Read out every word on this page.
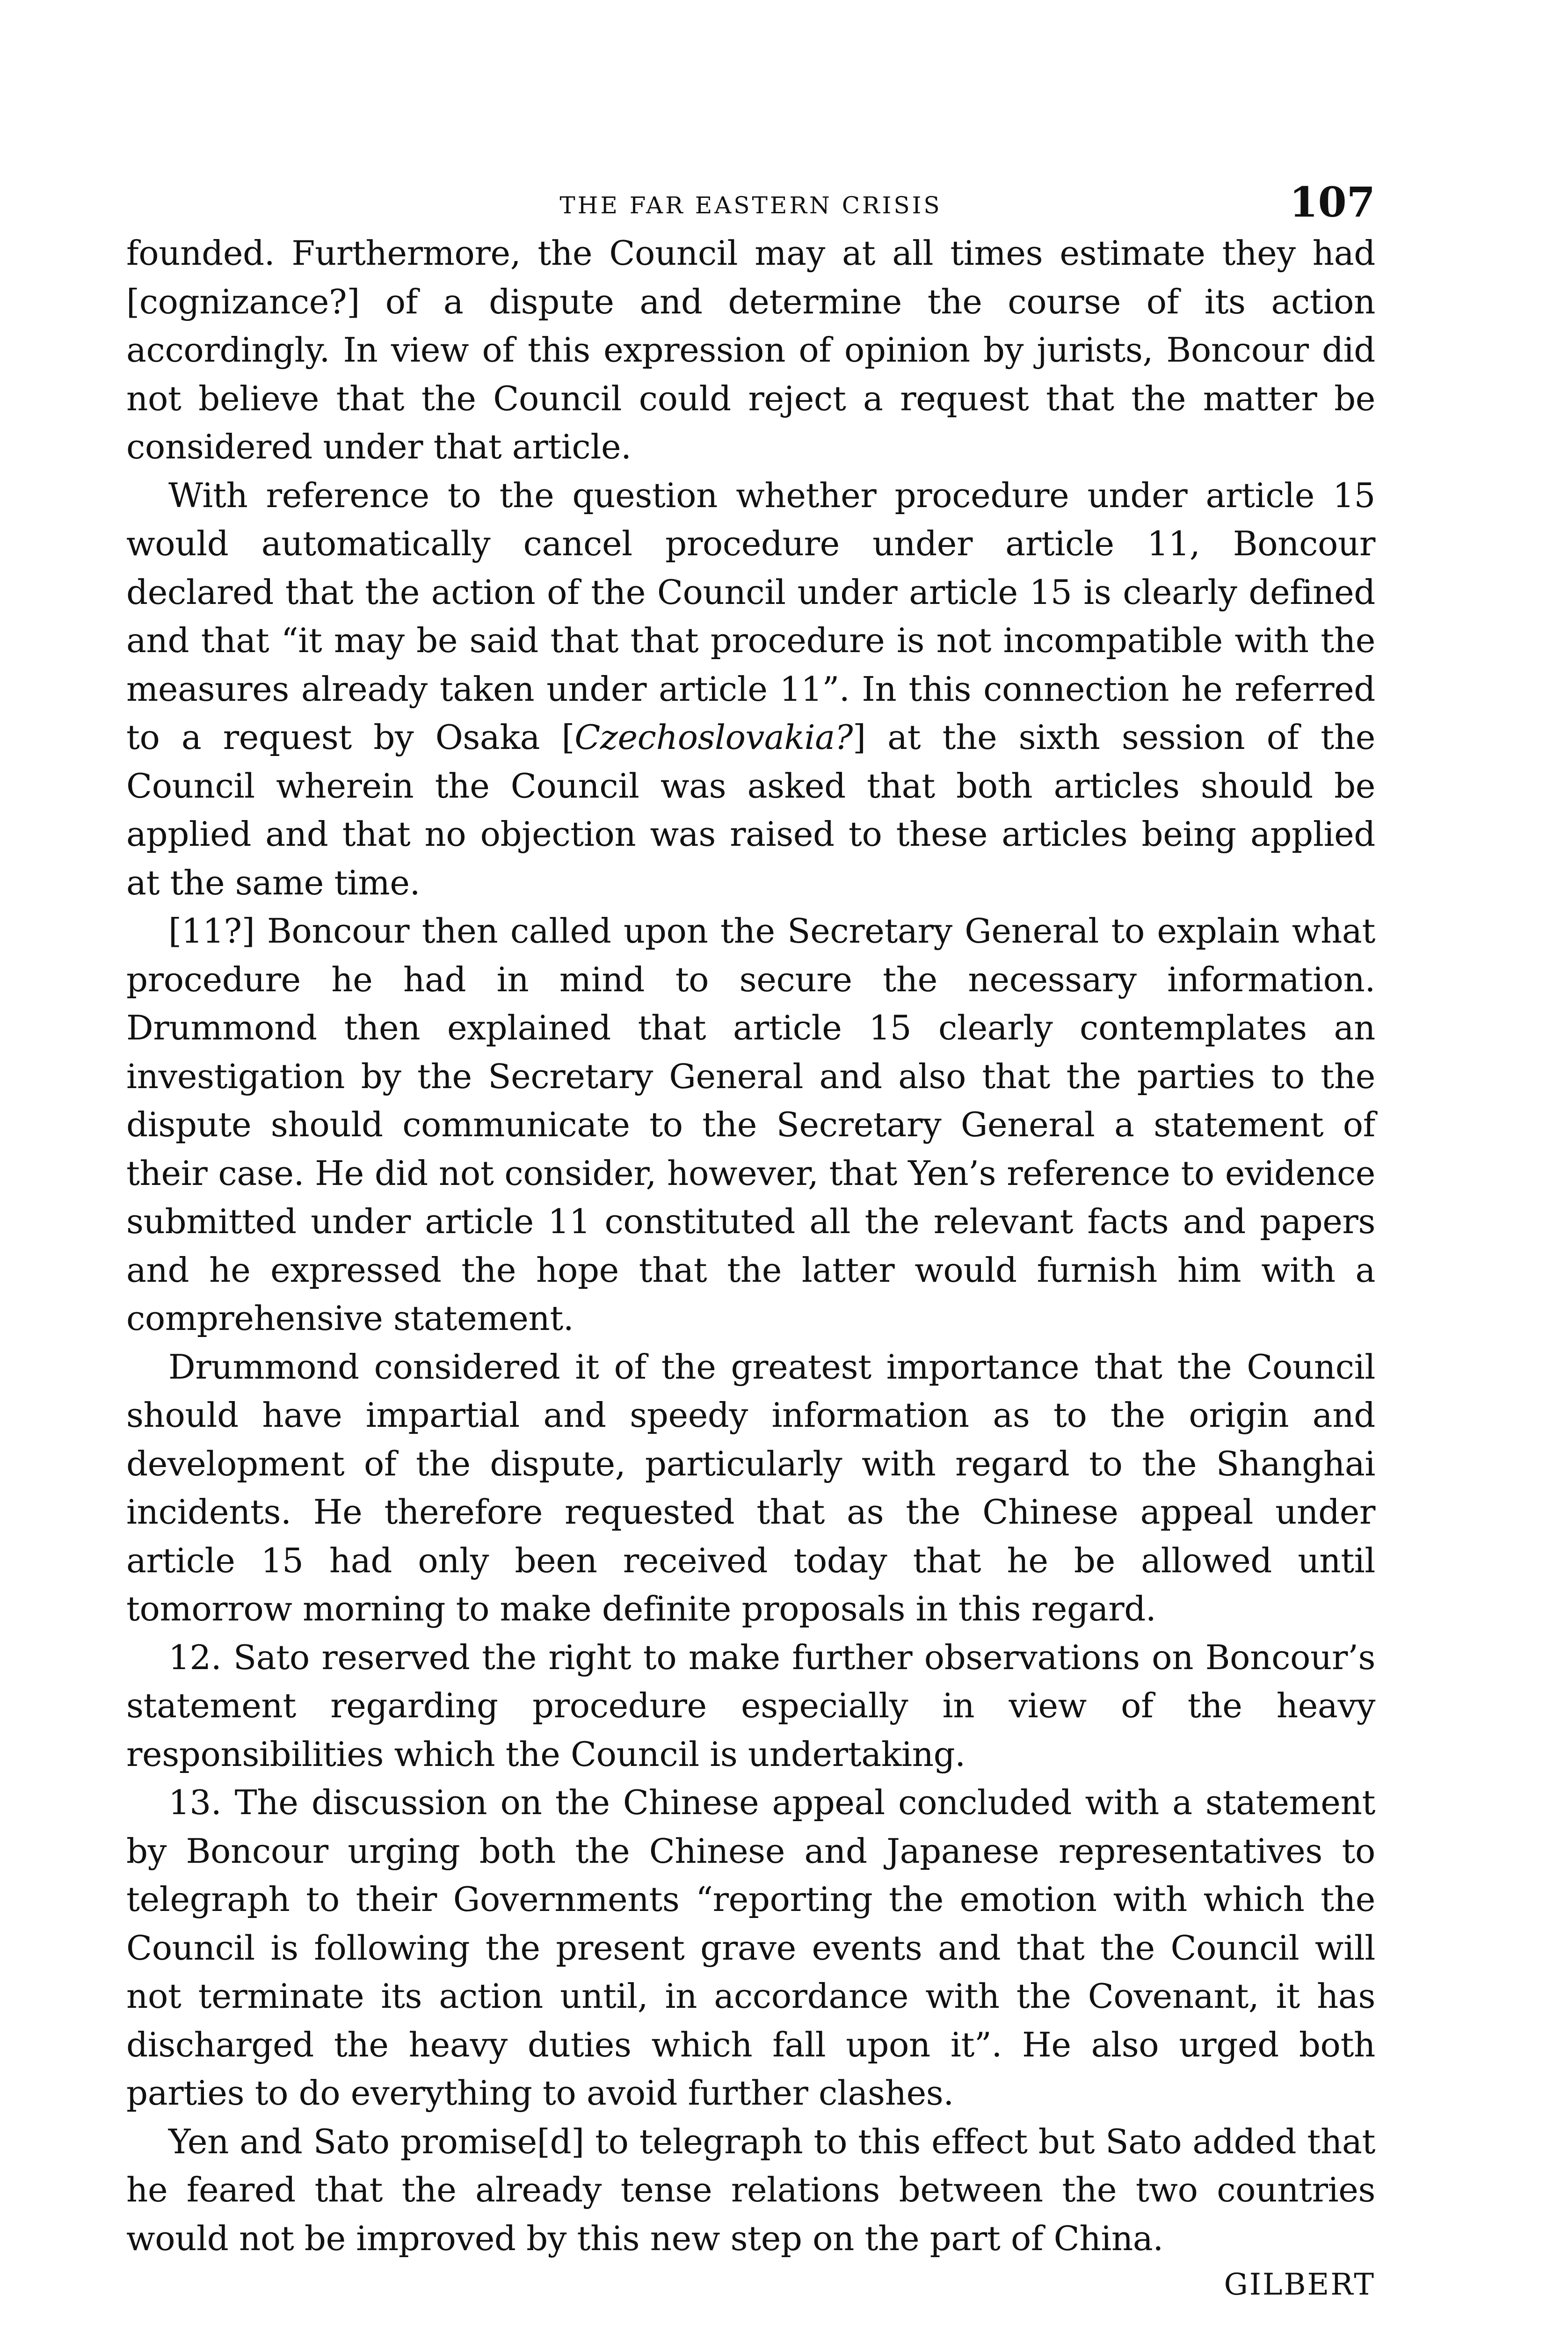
THE FAR EASTERN CRISIS	107

founded. Furthermore, the Council may at all times estimate they had [cognizance?] of a dispute and determine the course of its action accordingly. In view of this expression of opinion by jurists, Boncour did not believe that the Council could reject a request that the matter be considered under that article.

With reference to the question whether procedure under article 15 would automatically cancel procedure under article 11, Boncour declared that the action of the Council under article 15 is clearly defined and that “it may be said that that procedure is not incompatible with the measures already taken under article 11”. In this connection he referred to a request by Osaka [Czechoslovakia?] at the sixth session of the Council wherein the Council was asked that both articles should be applied and that no objection was raised to these articles being applied at the same time.

[11?] Boncour then called upon the Secretary General to explain what procedure he had in mind to secure the necessary information. Drummond then explained that article 15 clearly contemplates an investigation by the Secretary General and also that the parties to the dispute should communicate to the Secretary General a statement of their case. He did not consider, however, that Yen’s reference to evidence submitted under article 11 constituted all the relevant facts and papers and he expressed the hope that the latter would furnish him with a comprehensive statement.

Drummond considered it of the greatest importance that the Council should have impartial and speedy information as to the origin and development of the dispute, particularly with regard to the Shanghai incidents. He therefore requested that as the Chinese appeal under article 15 had only been received today that he be allowed until tomorrow morning to make definite proposals in this regard.

12. Sato reserved the right to make further observations on Boncour’s statement regarding procedure especially in view of the heavy responsibilities which the Council is undertaking.

13. The discussion on the Chinese appeal concluded with a statement by Boncour urging both the Chinese and Japanese representatives to telegraph to their Governments “reporting the emotion with which the Council is following the present grave events and that the Council will not terminate its action until, in accordance with the Covenant, it has discharged the heavy duties which fall upon it”. He also urged both parties to do everything to avoid further clashes.

Yen and Sato promise[d] to telegraph to this effect but Sato added that he feared that the already tense relations between the two countries would not be improved by this new step on the part of China.

GILBERT
